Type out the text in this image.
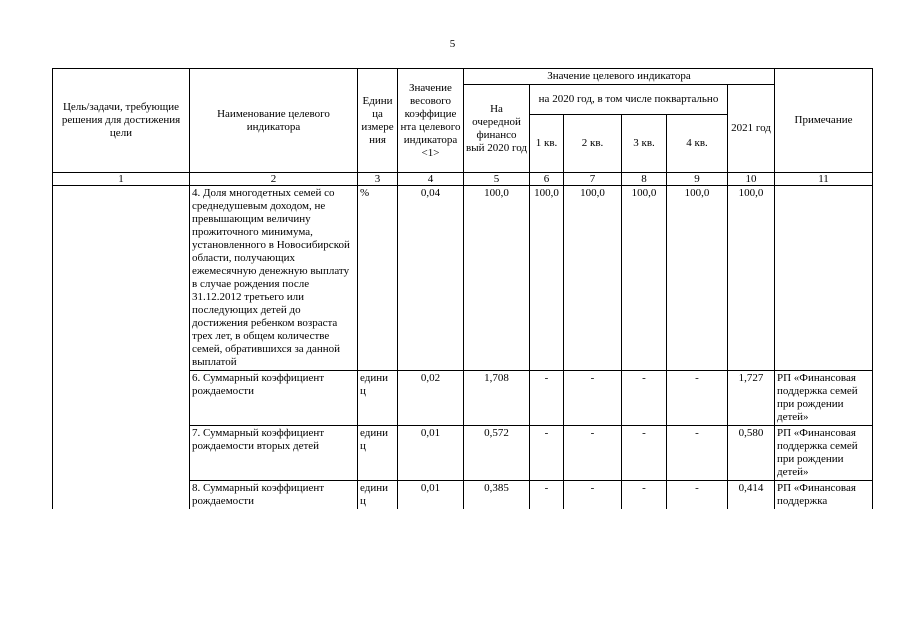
5
Цель/задачи, требующие решения для достижения цели	Наименование целевого индикатора	Едини ца измере ния	Значение весового коэффицие нта целевого индикатора <1>	Значение целевого индикатора						Примечание
				На очередной финансо вый 2020 год	на 2020 год, в том числе поквартально				2021 год	
					1 кв.	2 кв.	3 кв.	4 кв.		
1	2	3	4	5	6	7	8	9	10	11
	4. Доля многодетных семей со среднедушевым доходом, не превышающим величину прожиточного минимума, установленного в Новосибирской области, получающих ежемесячную денежную выплату в случае рождения после 31.12.2012 третьего или последующих детей до достижения ребенком возраста трех лет, в общем количестве семей, обратившихся за данной выплатой	%	0,04	100,0	100,0	100,0	100,0	100,0	100,0	
	6. Суммарный коэффициент рождаемости	едини ц	0,02	1,708	-	-	-	-	1,727	РП «Финансовая поддержка семей при рождении детей»
	7. Суммарный коэффициент рождаемости вторых детей	едини ц	0,01	0,572	-	-	-	-	0,580	РП «Финансовая поддержка семей при рождении детей»
	8. Суммарный коэффициент рождаемости	едини ц	0,01	0,385	-	-	-	-	0,414	РП «Финансовая поддержка
